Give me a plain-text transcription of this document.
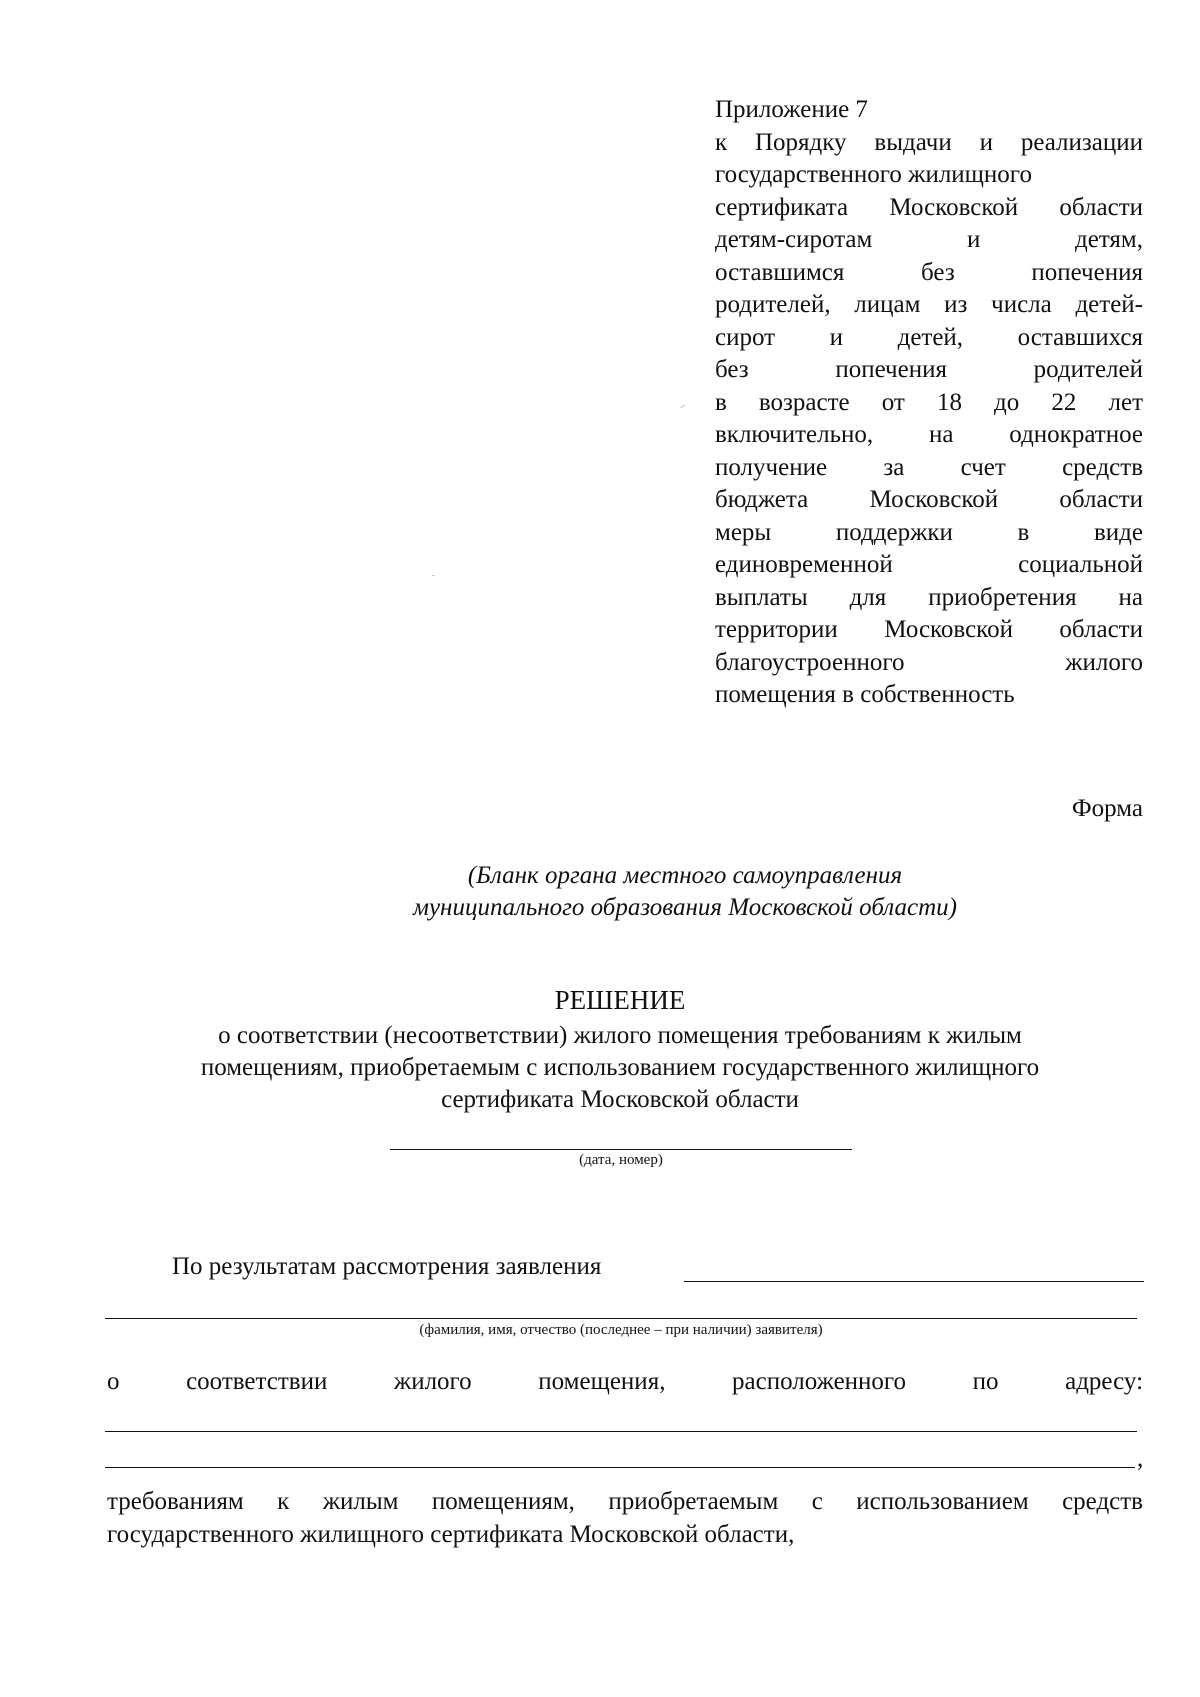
Приложение 7
к Порядку выдачи и реализации
государственного жилищного
сертификата Московской области
детям-сиротам и детям,
оставшимся без попечения
родителей, лицам из числа детей-
сирот и детей, оставшихся
без попечения родителей
в возрасте от 18 до 22 лет
включительно, на однократное
получение за счет средств
бюджета Московской области
меры поддержки в виде
единовременной социальной
выплаты для приобретения на
территории Московской области
благоустроенного жилого
помещения в собственность
Форма
(Бланк органа местного самоуправления
муниципального образования Московской области)
РЕШЕНИЕ
о соответствии (несоответствии) жилого помещения требованиям к жилым
помещениям, приобретаемым с использованием государственного жилищного
сертификата Московской области
(дата, номер)
По результатам рассмотрения заявления
(фамилия, имя, отчество (последнее – при наличии) заявителя)
о	соответствии	жилого	помещения,	расположенного	по	адресу:
,
требованиям к жилым помещениям, приобретаемым с использованием средств
государственного жилищного сертификата Московской области,
